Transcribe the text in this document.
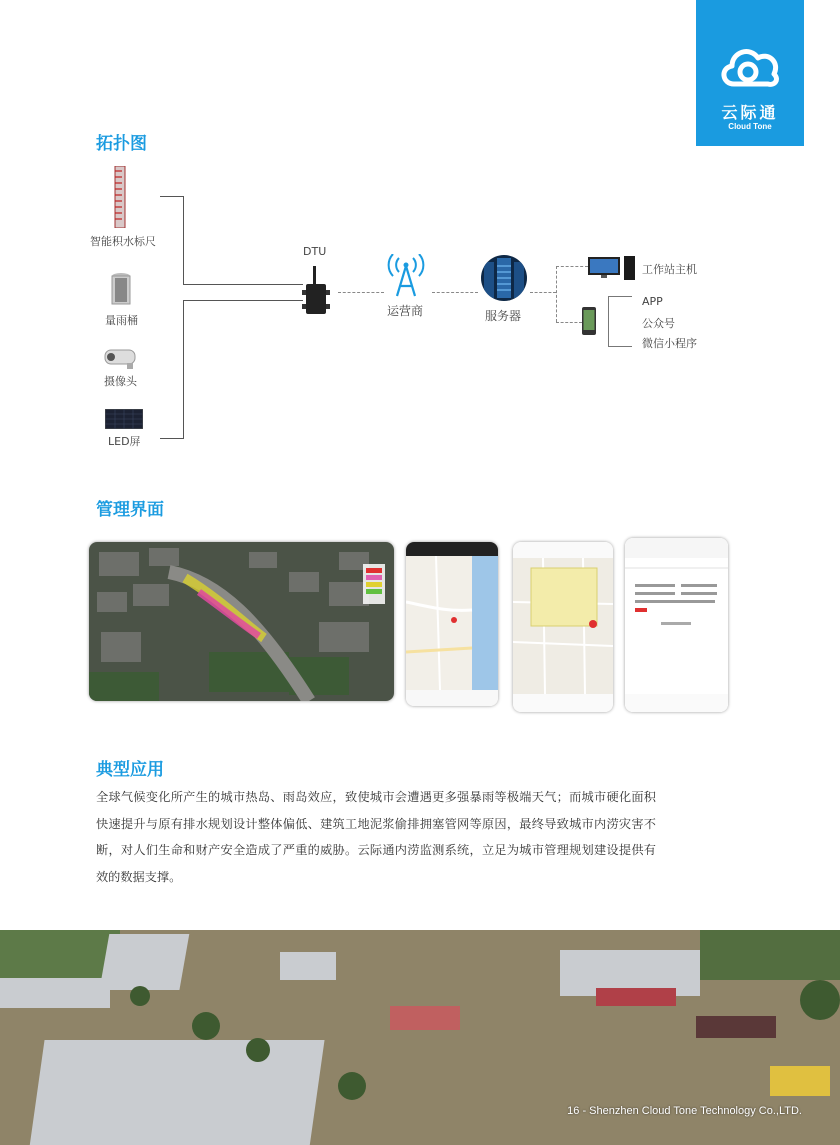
云际通
Cloud Tone
拓扑图
智能积水标尺
量雨桶
摄像头
LED屏
DTU
运营商	服务器
工作站主机
APP
公众号
微信小程序
管理界面
典型应用

全球气候变化所产生的城市热岛、雨岛效应，致使城市会遭遇更多强暴雨等极端天气；而城市硬化面积快速提升与原有排水规划设计整体偏低、建筑工地泥浆偷排拥塞管网等原因，最终导致城市内涝灾害不断，对人们生命和财产安全造成了严重的威胁。云际通内涝监测系统，立足为城市管理规划建设提供有效的数据支撑。

16 - Shenzhen Cloud Tone Technology Co.,LTD.
